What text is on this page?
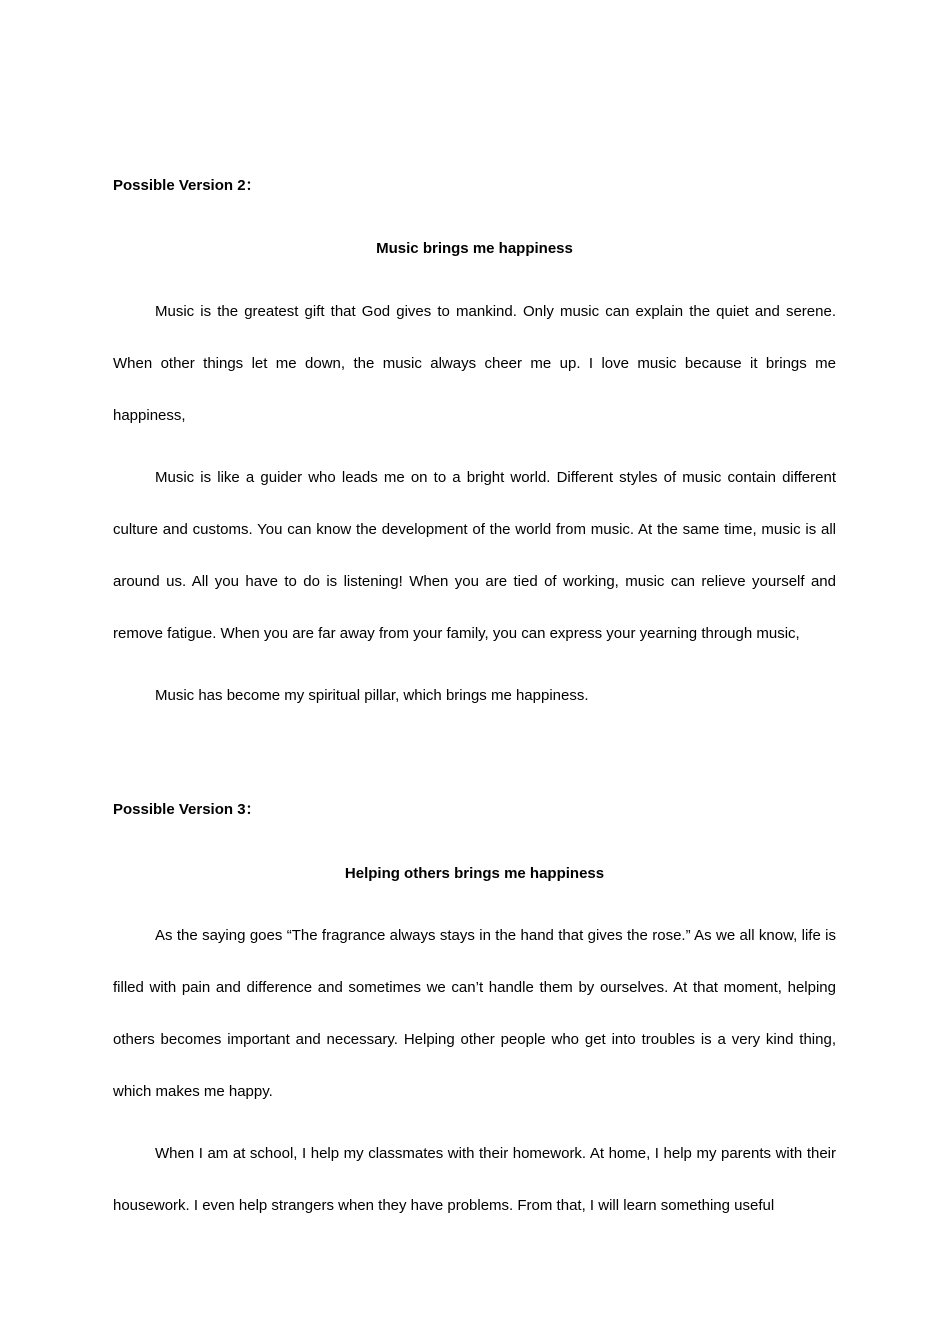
Possible Version 2：
Music brings me happiness

Music is the greatest gift that God gives to mankind. Only music can explain the quiet and serene. When other things let me down, the music always cheer me up. I love music because it brings me happiness,

Music is like a guider who leads me on to a bright world. Different styles of music contain different culture and customs. You can know the development of the world from music. At the same time, music is all around us. All you have to do is listening! When you are tied of working, music can relieve yourself and remove fatigue. When you are far away from your family, you can express your yearning through music,

Music has become my spiritual pillar, which brings me happiness.

Possible Version 3：
Helping others brings me happiness

As the saying goes “The fragrance always stays in the hand that gives the rose.” As we all know, life is filled with pain and difference and sometimes we can’t handle them by ourselves. At that moment, helping others becomes important and necessary. Helping other people who get into troubles is a very kind thing, which makes me happy.

When I am at school, I help my classmates with their homework. At home, I help my parents with their housework. I even help strangers when they have problems. From that, I will learn something useful
